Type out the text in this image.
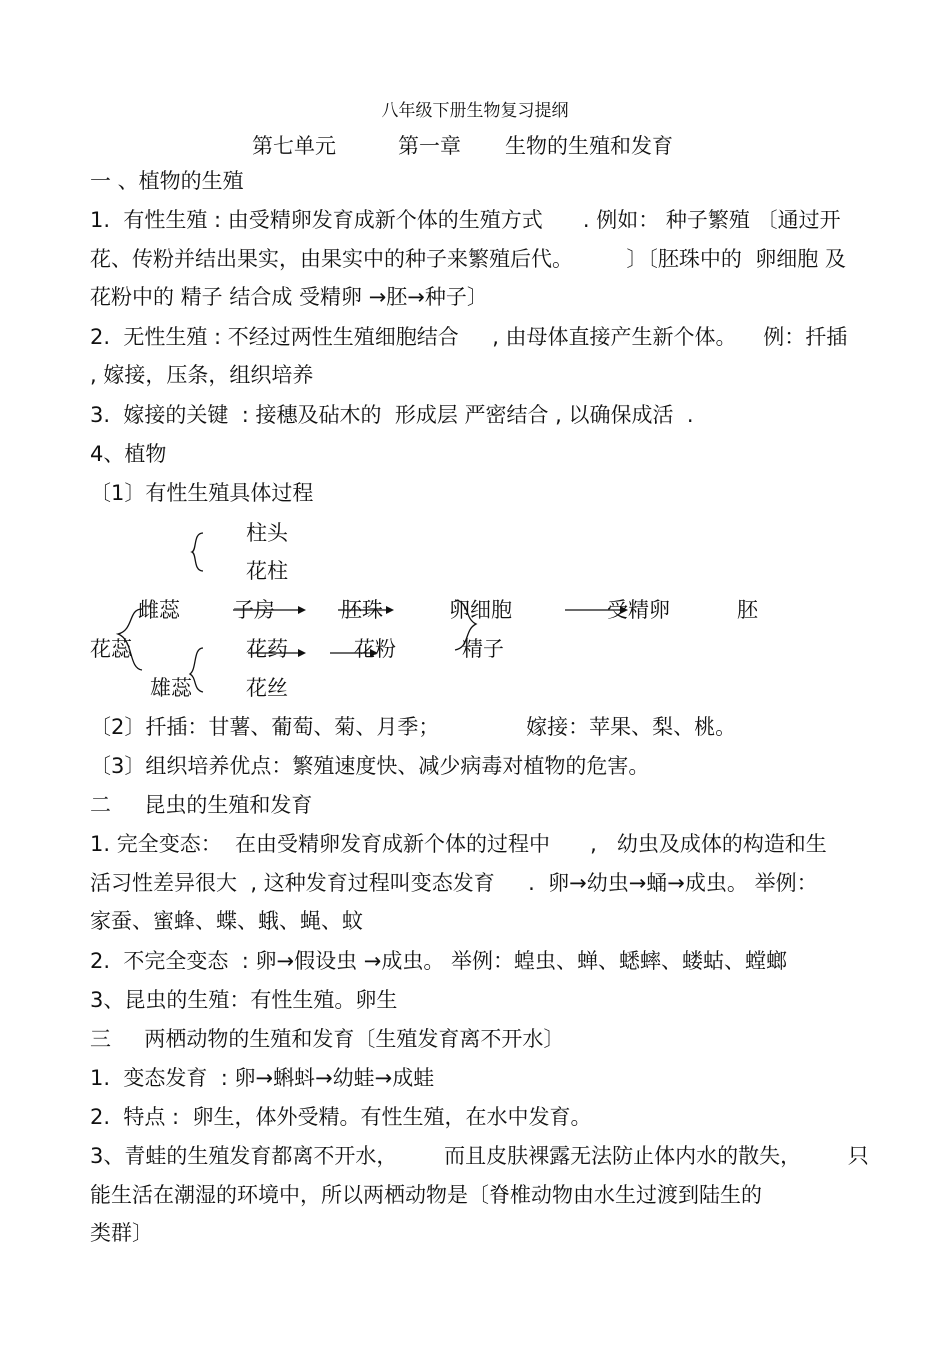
八年级下册生物复习提纲
第七单元	第一章 生物的生殖和发育
一 、植物的生殖
1.  有性生殖 : 由受精卵发育成新个体的生殖方式      . 例如： 种子繁殖 〔通过开
花、传粉并结出果实，由果实中的种子来繁殖后代。        〕〔胚珠中的  卵细胞 及
花粉中的 精子 结合成 受精卵 →胚→种子〕
2.  无性生殖 : 不经过两性生殖细胞结合     , 由母体直接产生新个体。    例：扦插
, 嫁接，压条，组织培养
3.  嫁接的关键  : 接穗及砧木的  形成层 严密结合 , 以确保成活  .
4、植物
〔1〕有性生殖具体过程
柱头
花柱
雌蕊	子房	胚珠	卵细胞	受精卵	胚
花蕊	花药	花粉	精子
雄蕊	花丝
〔2〕扦插：甘薯、葡萄、菊、月季；             嫁接：苹果、梨、桃。
〔3〕组织培养优点：繁殖速度快、减少病毒对植物的危害。
二     昆虫的生殖和发育
1. 完全变态：  在由受精卵发育成新个体的过程中      ,   幼虫及成体的构造和生
活习性差异很大  , 这种发育过程叫变态发育     .  卵→幼虫→蛹→成虫。 举例：
家蚕、蜜蜂、蝶、蛾、蝇、蚊
2.  不完全变态  : 卵→假设虫 →成虫。 举例：蝗虫、蝉、蟋蟀、蝼蛄、螳螂
3、昆虫的生殖：有性生殖。卵生
三     两栖动物的生殖和发育〔生殖发育离不开水〕
1.  变态发育  : 卵→蝌蚪→幼蛙→成蛙
2.  特点 :  卵生，体外受精。有性生殖，在水中发育。
3、青蛙的生殖发育都离不开水，       而且皮肤裸露无法防止体内水的散失，       只
能生活在潮湿的环境中，所以两栖动物是〔脊椎动物由水生过渡到陆生的
类群〕
